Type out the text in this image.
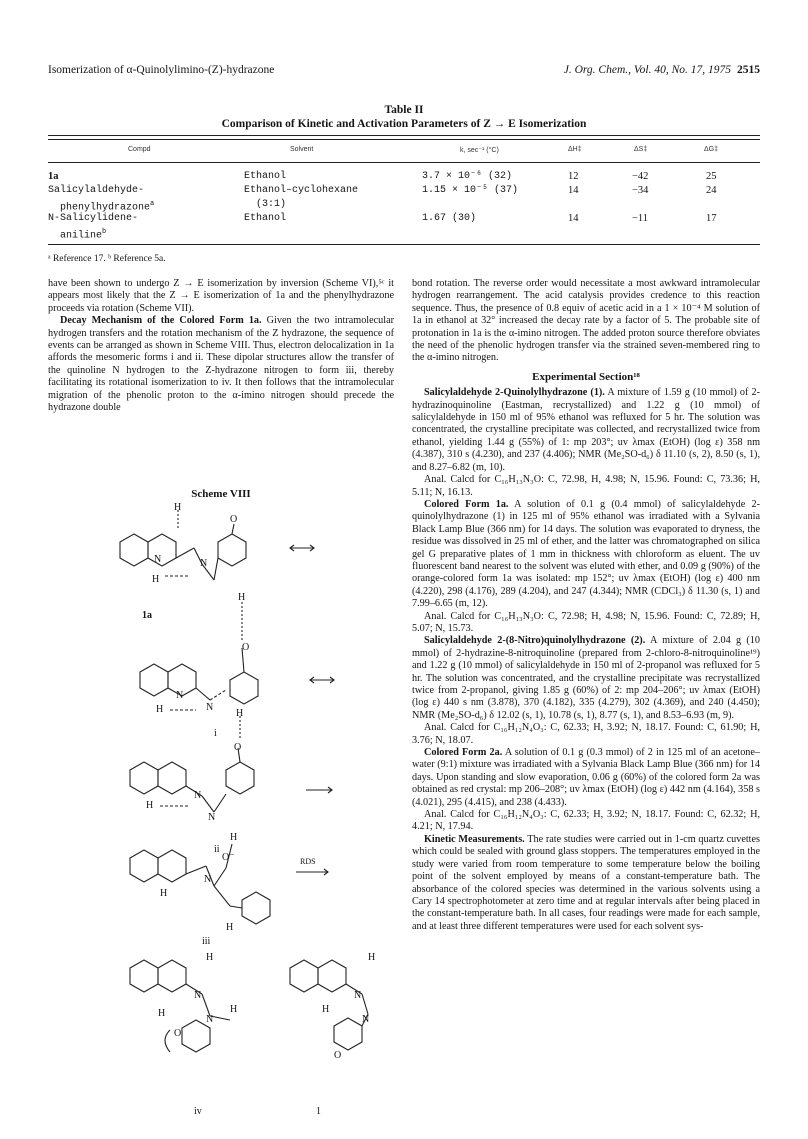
Isomerization of α-Quinolylimino-(Z)-hydrazone	J. Org. Chem., Vol. 40, No. 17, 1975 2515
Table II
Comparison of Kinetic and Activation Parameters of Z → E Isomerization
Compd	Solvent	k, sec⁻¹ (°C)	ΔH‡	ΔS‡	ΔG‡
1a	Ethanol	3.7 × 10⁻⁶ (32)	12	−42	25
Salicylaldehyde-	Ethanol–cyclohexane	1.15 × 10⁻⁵ (37)	14	−34	24
phenylhydrazone$^a$	(3:1)
N-Salicylidene-	Ethanol	1.67 (30)	14	−11	17
aniline$^b$
ᵃ Reference 17. ᵇ Reference 5a.

have been shown to undergo Z → E isomerization by inversion (Scheme VI),⁵ᶜ it appears most likely that the Z → E isomerization of 1a and the phenylhydrazone proceeds via rotation (Scheme VII).

Decay Mechanism of the Colored Form 1a. Given the two intramolecular hydrogen transfers and the rotation mechanism of the Z hydrazone, the sequence of events can be arranged as shown in Scheme VIII. Thus, electron delocalization in 1a affords the mesomeric forms i and ii. These dipolar structures allow the transfer of the quinoline N hydrogen to the Z-hydrazone nitrogen to form iii, thereby facilitating its rotational isomerization to iv. It then follows that the intramolecular migration of the phenolic proton to the α-imino nitrogen should precede the hydrazone double

Scheme VIII
H
O
N	N
H
1a
H
O
N
N
H
i
H
O
N
N
H
ii
H
O⁻
N
H
H
RDS
iii
H
N
N
H	H
O
iv
H
N
N
H
O
1

bond rotation. The reverse order would necessitate a most awkward intramolecular hydrogen rearrangement. The acid catalysis provides credence to this reaction sequence. Thus, the presence of 0.8 equiv of acetic acid in a 1 × 10⁻⁴ M solution of 1a in ethanol at 32° increased the decay rate by a factor of 5. The probable site of protonation in 1a is the α-imino nitrogen. The added proton source therefore obviates the need of the phenolic hydrogen transfer via the strained seven-membered ring to the α-imino nitrogen.

Experimental Section¹⁸

Salicylaldehyde 2-Quinolylhydrazone (1). A mixture of 1.59 g (10 mmol) of 2-hydrazinoquinoline (Eastman, recrystallized) and 1.22 g (10 mmol) of salicylaldehyde in 150 ml of 95% ethanol was refluxed for 5 hr. The solution was concentrated, the crystalline precipitate was collected, and recrystallized twice from ethanol, yielding 1.44 g (55%) of 1: mp 203°; uv λmax (EtOH) (log ε) 358 nm (4.387), 310 s (4.230), and 237 (4.406); NMR (Me₂SO-d₆) δ 11.10 (s, 2), 8.50 (s, 1), and 8.27–6.82 (m, 10).

Anal. Calcd for C₁₆H₁₃N₃O: C, 72.98, H, 4.98; N, 15.96. Found: C, 73.36; H, 5.11; N, 16.13.

Colored Form 1a. A solution of 0.1 g (0.4 mmol) of salicylaldehyde 2-quinolylhydrazone (1) in 125 ml of 95% ethanol was irradiated with a Sylvania Black Lamp Blue (366 nm) for 14 days. The solution was evaporated to dryness, the residue was dissolved in 25 ml of ether, and the latter was chromatographed on silica gel G preparative plates of 1 mm in thickness with chloroform as eluent. The uv fluorescent band nearest to the solvent was eluted with ether, and 0.09 g (90%) of the orange-colored form 1a was isolated: mp 152°; uv λmax (EtOH) (log ε) 400 nm (4.220), 298 (4.176), 289 (4.204), and 247 (4.344); NMR (CDCl₃) δ 11.30 (s, 1) and 7.99–6.65 (m, 12).

Anal. Calcd for C₁₆H₁₃N₃O: C, 72.98; H, 4.98; N, 15.96. Found: C, 72.89; H, 5.07; N, 15.73.

Salicylaldehyde 2-(8-Nitro)quinolylhydrazone (2). A mixture of 2.04 g (10 mmol) of 2-hydrazine-8-nitroquinoline (prepared from 2-chloro-8-nitroquinoline¹⁹) and 1.22 g (10 mmol) of salicylaldehyde in 150 ml of 2-propanol was refluxed for 5 hr. The solution was concentrated, and the crystalline precipitate was recrystallized twice from 2-propanol, giving 1.85 g (60%) of 2: mp 204–206°; uv λmax (EtOH) (log ε) 440 s nm (3.878), 370 (4.182), 335 (4.279), 302 (4.369), and 240 (4.450); NMR (Me₂SO-d₆) δ 12.02 (s, 1), 10.78 (s, 1), 8.77 (s, 1), and 8.53–6.93 (m, 9).

Anal. Calcd for C₁₆H₁₂N₄O₃: C, 62.33; H, 3.92; N, 18.17. Found: C, 61.90; H, 3.76; N, 18.07.

Colored Form 2a. A solution of 0.1 g (0.3 mmol) of 2 in 125 ml of an acetone–water (9:1) mixture was irradiated with a Sylvania Black Lamp Blue (366 nm) for 14 days. Upon standing and slow evaporation, 0.06 g (60%) of the colored form 2a was obtained as red crystal: mp 206–208°; uv λmax (EtOH) (log ε) 442 nm (4.164), 358 s (4.021), 295 (4.415), and 238 (4.433).

Anal. Calcd for C₁₆H₁₂N₄O₃: C, 62.33; H, 3.92; N, 18.17. Found: C, 62.32; H, 4.21; N, 17.94.

Kinetic Measurements. The rate studies were carried out in 1-cm quartz cuvettes which could be sealed with ground glass stoppers. The temperatures employed in the study were varied from room temperature to some temperature below the boiling point of the solvent employed by means of a constant-temperature bath. The absorbance of the colored species was determined in the various solvents using a Cary 14 spectrophotometer at zero time and at regular intervals after being placed in the constant-temperature bath. In all cases, four readings were made for each sample, and at least three different temperatures were used for each solvent sys-
